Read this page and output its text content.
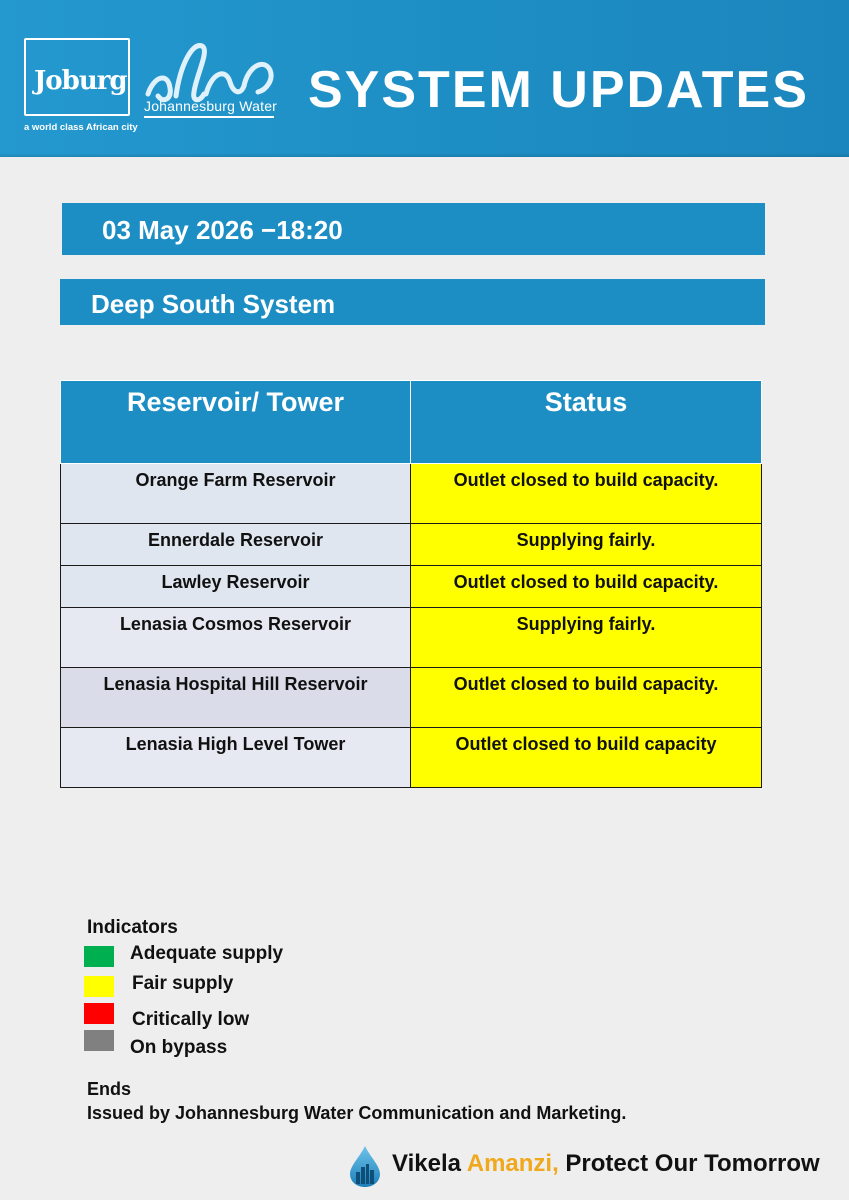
Joburg
a world class African city
Johannesburg Water SYSTEM UPDATES
03 May 2026 −18:20
Deep South System
Reservoir/ Tower	Status
Orange Farm Reservoir	Outlet closed to build capacity.
Ennerdale Reservoir	Supplying fairly.
Lawley Reservoir	Outlet closed to build capacity.
Lenasia Cosmos Reservoir	Supplying fairly.
Lenasia Hospital Hill Reservoir	Outlet closed to build capacity.
Lenasia High Level Tower	Outlet closed to build capacity
Indicators
Adequate supply
Fair supply
Critically low
On bypass
Ends
Issued by Johannesburg Water Communication and Marketing.
Vikela Amanzi, Protect Our Tomorrow
